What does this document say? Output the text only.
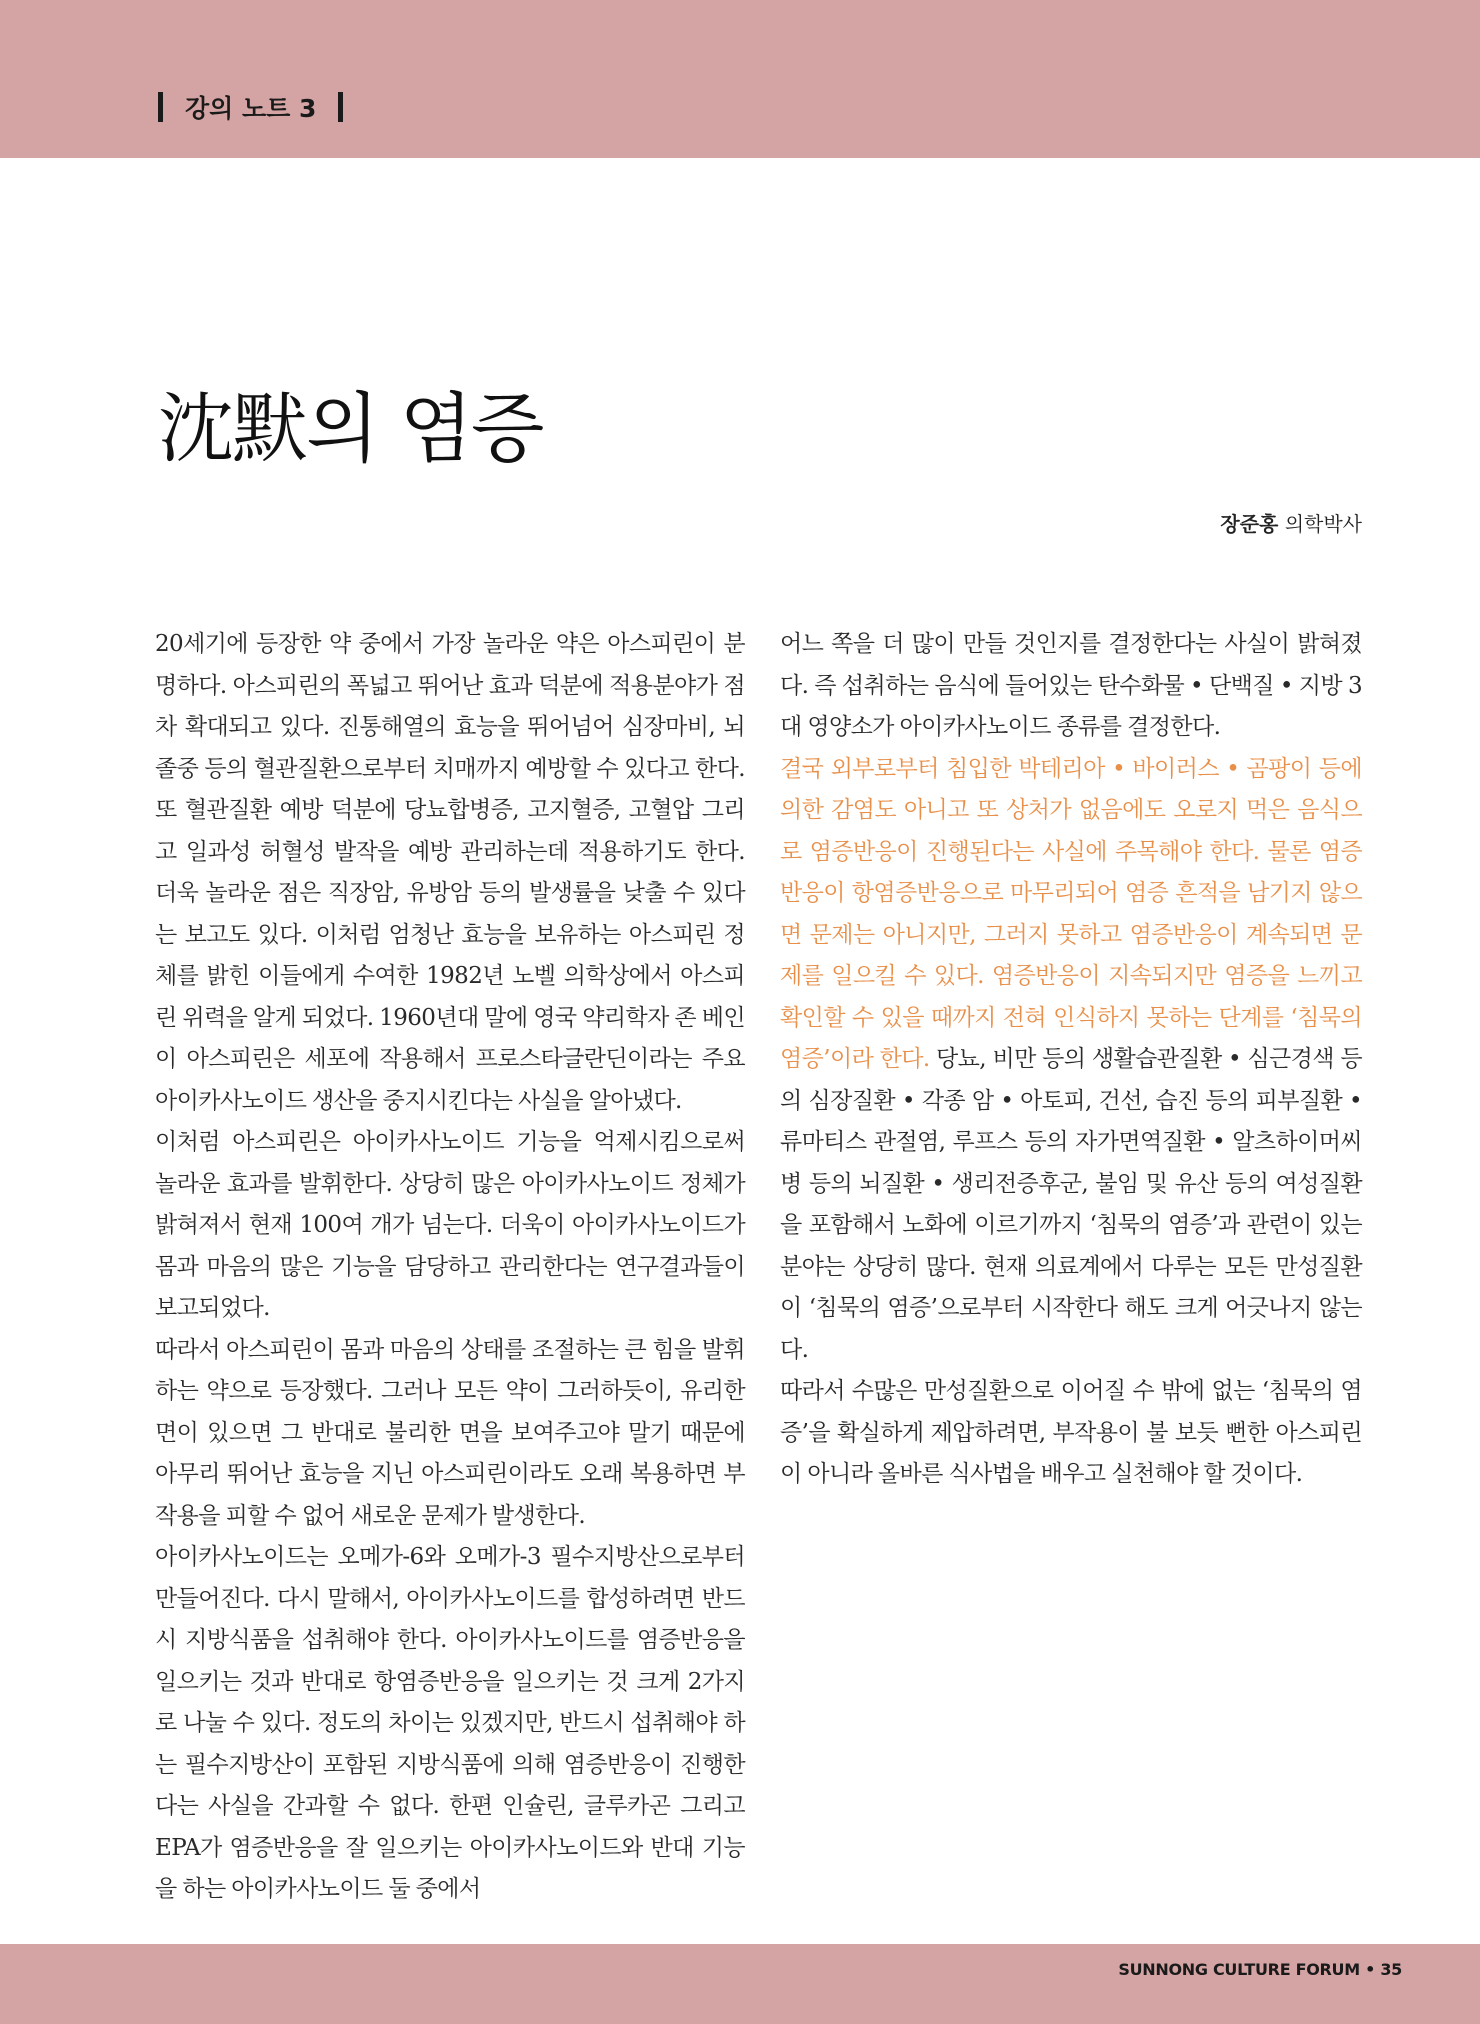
강의 노트 3
沈默의 염증
장준홍 의학박사

20세기에 등장한 약 중에서 가장 놀라운 약은 아스피린이 분명하다. 아스피린의 폭넓고 뛰어난 효과 덕분에 적용분야가 점차 확대되고 있다. 진통해열의 효능을 뛰어넘어 심장마비, 뇌졸중 등의 혈관질환으로부터 치매까지 예방할 수 있다고 한다. 또 혈관질환 예방 덕분에 당뇨합병증, 고지혈증, 고혈압 그리고 일과성 허혈성 발작을 예방 관리하는데 적용하기도 한다. 더욱 놀라운 점은 직장암, 유방암 등의 발생률을 낮출 수 있다는 보고도 있다. 이처럼 엄청난 효능을 보유하는 아스피린 정체를 밝힌 이들에게 수여한 1982년 노벨 의학상에서 아스피린 위력을 알게 되었다. 1960년대 말에 영국 약리학자 존 베인이 아스피린은 세포에 작용해서 프로스타글란딘이라는 주요 아이카사노이드 생산을 중지시킨다는 사실을 알아냈다.

이처럼 아스피린은 아이카사노이드 기능을 억제시킴으로써 놀라운 효과를 발휘한다. 상당히 많은 아이카사노이드 정체가 밝혀져서 현재 100여 개가 넘는다. 더욱이 아이카사노이드가 몸과 마음의 많은 기능을 담당하고 관리한다는 연구결과들이 보고되었다.

따라서 아스피린이 몸과 마음의 상태를 조절하는 큰 힘을 발휘하는 약으로 등장했다. 그러나 모든 약이 그러하듯이, 유리한 면이 있으면 그 반대로 불리한 면을 보여주고야 말기 때문에 아무리 뛰어난 효능을 지닌 아스피린이라도 오래 복용하면 부작용을 피할 수 없어 새로운 문제가 발생한다.

아이카사노이드는 오메가-6와 오메가-3 필수지방산으로부터 만들어진다. 다시 말해서, 아이카사노이드를 합성하려면 반드시 지방식품을 섭취해야 한다. 아이카사노이드를 염증반응을 일으키는 것과 반대로 항염증반응을 일으키는 것 크게 2가지로 나눌 수 있다. 정도의 차이는 있겠지만, 반드시 섭취해야 하는 필수지방산이 포함된 지방식품에 의해 염증반응이 진행한다는 사실을 간과할 수 없다. 한편 인슐린, 글루카곤 그리고 EPA가 염증반응을 잘 일으키는 아이카사노이드와 반대 기능을 하는 아이카사노이드 둘 중에서

어느 쪽을 더 많이 만들 것인지를 결정한다는 사실이 밝혀졌다. 즉 섭취하는 음식에 들어있는 탄수화물 • 단백질 • 지방 3대 영양소가 아이카사노이드 종류를 결정한다.

결국 외부로부터 침입한 박테리아 • 바이러스 • 곰팡이 등에 의한 감염도 아니고 또 상처가 없음에도 오로지 먹은 음식으로 염증반응이 진행된다는 사실에 주목해야 한다. 물론 염증반응이 항염증반응으로 마무리되어 염증 흔적을 남기지 않으면 문제는 아니지만, 그러지 못하고 염증반응이 계속되면 문제를 일으킬 수 있다. 염증반응이 지속되지만 염증을 느끼고 확인할 수 있을 때까지 전혀 인식하지 못하는 단계를 ‘침묵의 염증’이라 한다. 당뇨, 비만 등의 생활습관질환 • 심근경색 등의 심장질환 • 각종 암 • 아토피, 건선, 습진 등의 피부질환 • 류마티스 관절염, 루프스 등의 자가면역질환 • 알츠하이머씨병 등의 뇌질환 • 생리전증후군, 불임 및 유산 등의 여성질환을 포함해서 노화에 이르기까지 ‘침묵의 염증’과 관련이 있는 분야는 상당히 많다. 현재 의료계에서 다루는 모든 만성질환이 ‘침묵의 염증’으로부터 시작한다 해도 크게 어긋나지 않는다.

따라서 수많은 만성질환으로 이어질 수 밖에 없는 ‘침묵의 염증’을 확실하게 제압하려면, 부작용이 불 보듯 뻔한 아스피린이 아니라 올바른 식사법을 배우고 실천해야 할 것이다.

SUNNONG CULTURE FORUM • 35
